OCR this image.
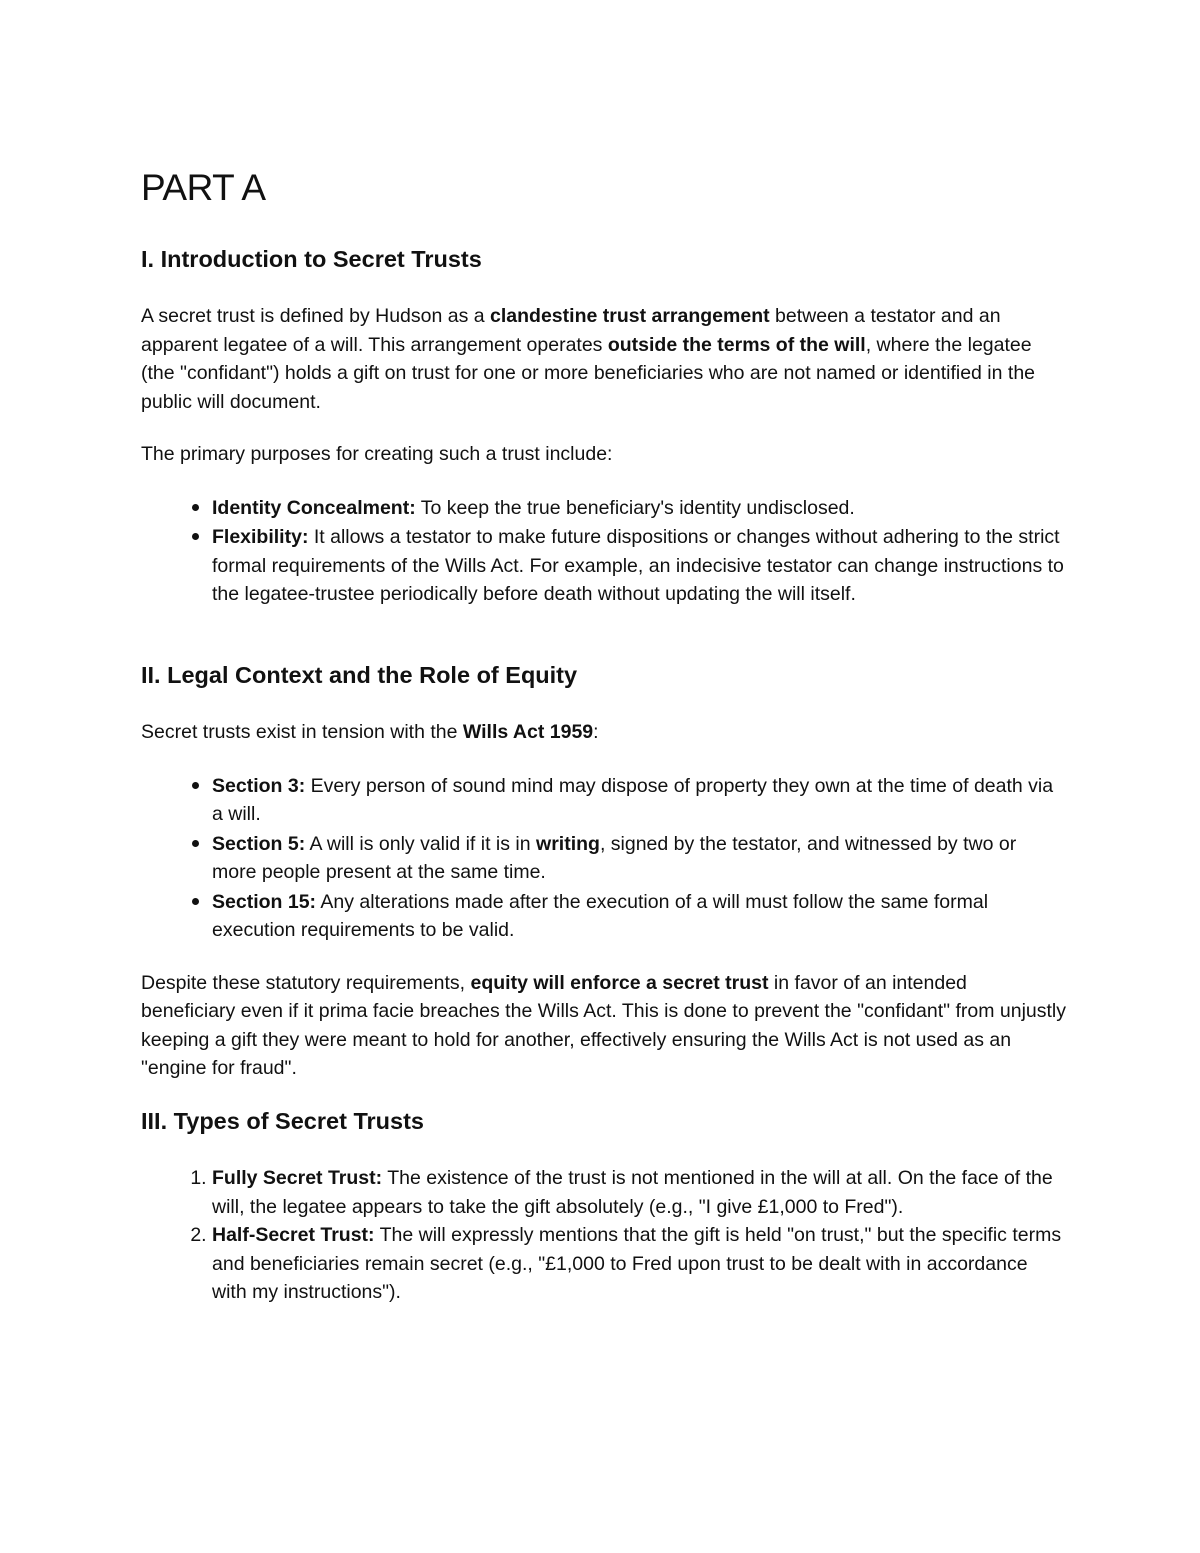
PART A
I. Introduction to Secret Trusts

A secret trust is defined by Hudson as a clandestine trust arrangement between a testator and an apparent legatee of a will. This arrangement operates outside the terms of the will, where the legatee (the "confidant") holds a gift on trust for one or more beneficiaries who are not named or identified in the public will document.

The primary purposes for creating such a trust include:

• Identity Concealment: To keep the true beneficiary's identity undisclosed.
• Flexibility: It allows a testator to make future dispositions or changes without adhering to the strict formal requirements of the Wills Act. For example, an indecisive testator can change instructions to the legatee-trustee periodically before death without updating the will itself.
II. Legal Context and the Role of Equity

Secret trusts exist in tension with the Wills Act 1959:

• Section 3: Every person of sound mind may dispose of property they own at the time of death via a will.
• Section 5: A will is only valid if it is in writing, signed by the testator, and witnessed by two or more people present at the same time.
• Section 15: Any alterations made after the execution of a will must follow the same formal execution requirements to be valid.

Despite these statutory requirements, equity will enforce a secret trust in favor of an intended beneficiary even if it prima facie breaches the Wills Act. This is done to prevent the "confidant" from unjustly keeping a gift they were meant to hold for another, effectively ensuring the Wills Act is not used as an "engine for fraud".

III. Types of Secret Trusts
1. Fully Secret Trust: The existence of the trust is not mentioned in the will at all. On the face of the will, the legatee appears to take the gift absolutely (e.g., "I give £1,000 to Fred").
2. Half-Secret Trust: The will expressly mentions that the gift is held "on trust," but the specific terms and beneficiaries remain secret (e.g., "£1,000 to Fred upon trust to be dealt with in accordance with my instructions").
